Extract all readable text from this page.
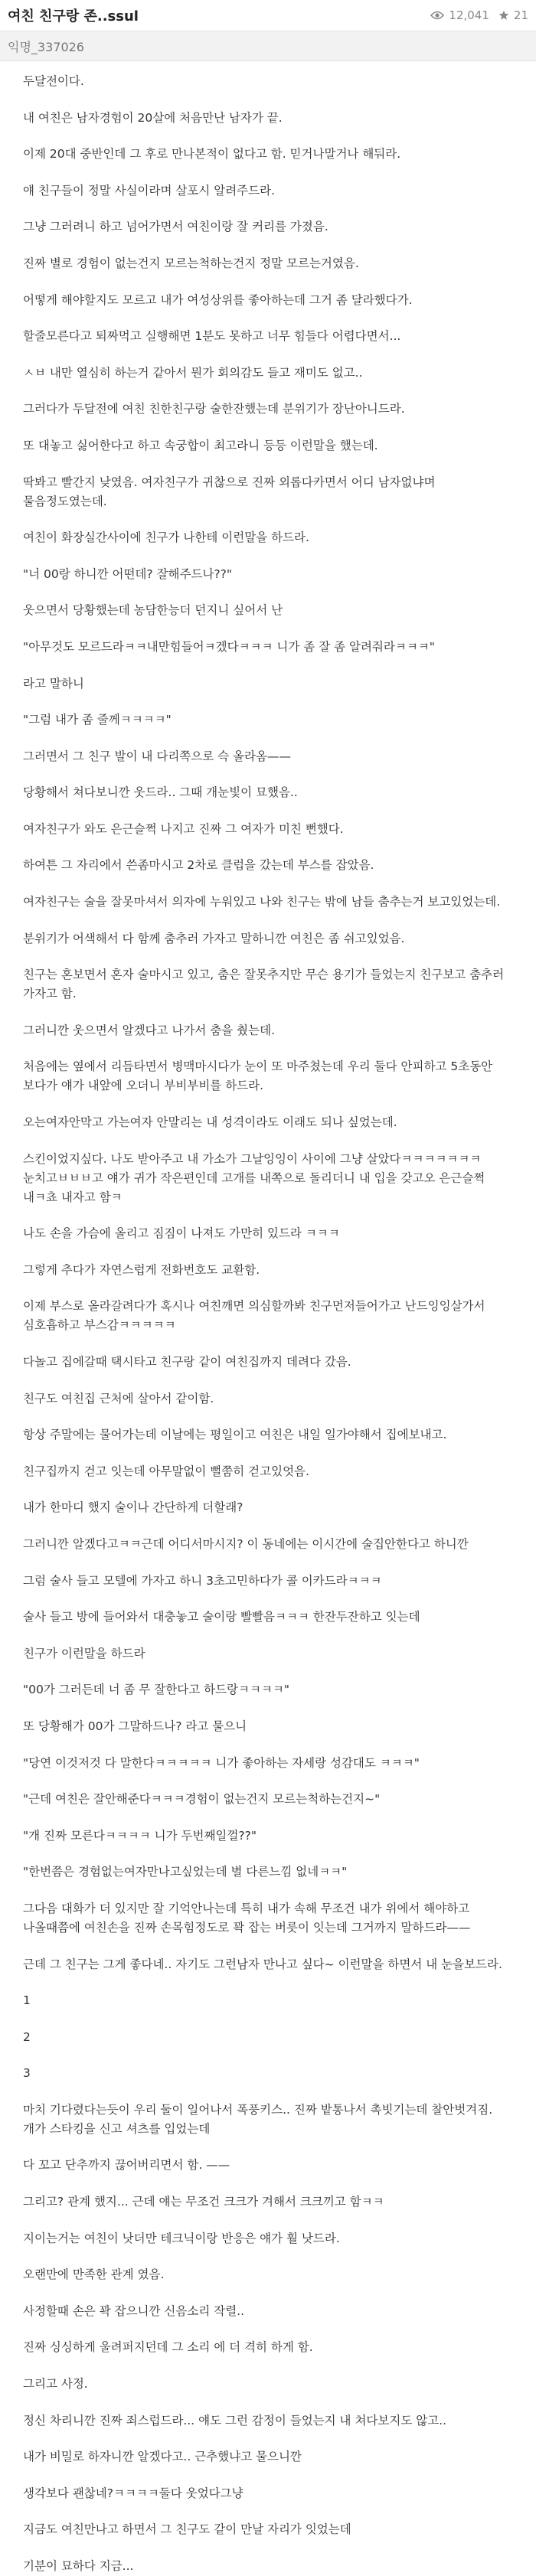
여친 친구랑 존..ssul	12,041 21
익명_337026

두달전이다.

내 여친은 남자경험이 20살에 처음만난 남자가 끝.

이제 20대 중반인데 그 후로 만나본적이 없다고 함. 믿거나말거나 해둬라.

얘 친구들이 정말 사실이라며 살포시 알려주드라.

그냥 그러려니 하고 넘어가면서 여친이랑 잘 커리를 가졌음.

진짜 별로 경험이 없는건지 모르는척하는건지 정말 모르는거였음.

어떻게 해야할지도 모르고 내가 여성상위를 좋아하는데 그거 좀 달라했다가.

할줄모른다고 퇴짜먹고 실행해면 1분도 못하고 너무 힘들다 어렵다면서...

ㅅㅂ 내만 열심히 하는거 같아서 뭔가 회의감도 들고 재미도 없고..

그러다가 두달전에 여친 친한친구랑 술한잔했는데 분위기가 장난아니드라.

또 대놓고 싫어한다고 하고 속궁합이 최고라니 등등 이런말을 했는데.

딱봐고 빨간지 낮였음. 여자친구가 귀찮으로 진짜 외롭다카면서 어디 남자없냐며 물음정도였는데.

여친이 화장실간사이에 친구가 나한테 이런말을 하드라.

"너 00랑 하니깐 어떤데? 잘해주드나??"

웃으면서 당황했는데 농담한능더 던지니 싶어서 난

"아무것도 모르드라ㅋㅋ내만힘들어ㅋ겠다ㅋㅋㅋ 니가 좀 잘 좀 알려줘라ㅋㅋㅋ"

라고 말하니

"그럼 내가 좀 줄께ㅋㅋㅋㅋ"

그러면서 그 친구 발이 내 다리쪽으로 슥 올라옴——

당황해서 쳐다보니깐 웃드라.. 그때 개눈빛이 묘했음..

여자친구가 와도 은근슬쩍 나지고 진짜 그 여자가 미친 뻔했다.

하여튼 그 자리에서 쓴좀마시고 2차로 클럽을 갔는데 부스를 잡았음.

여자친구는 술을 잘못마셔서 의자에 누워있고 나와 친구는 밖에 남들 춤추는거 보고있었는데.

분위기가 어색해서 다 함께 춤추러 가자고 말하니깐 여친은 좀 쉬고있었음.

친구는 혼보면서 혼자 술마시고 있고, 춤은 잘못추지만 무슨 용기가 들었는지 친구보고 춤추러 가자고 함.

그러니깐 웃으면서 알겠다고 나가서 춤을 췄는데.

처음에는 옆에서 리듬타면서 병맥마시다가 눈이 또 마주쳤는데 우리 둘다 안피하고 5초동안 보다가 얘가 내앞에 오더니 부비부비를 하드라.

오는여자안막고 가는여자 안말리는 내 성격이라도 이래도 되나 싶었는데.

스킨이었지싶다. 나도 받아주고 내 가소가 그날잉잉이 사이에 그냥 살았다ㅋㅋㅋㅋㅋㅋㅋ 눈치고ㅂㅂㅂ고 얘가 귀가 작은편인데 고개를 내쪽으로 돌리더니 내 입을 갖고오 은근슬쩍 내ㅋ쵸 내자고 함ㅋ

나도 손을 가슴에 올리고 짐짐이 나져도 가만히 있드라 ㅋㅋㅋ

그렇게 추다가 자연스럽게 전화번호도 교환함.

이제 부스로 올라갈려다가 혹시나 여친깨면 의심할까봐 친구먼저들어가고 난드잉잉살가서 심호흡하고 부스감ㅋㅋㅋㅋㅋ

다놀고 집에갈때 택시타고 친구랑 같이 여친집까지 데려다 갔음.

친구도 여친집 근처에 살아서 같이함.

항상 주말에는 물어가는데 이날에는 평일이고 여친은 내일 일가야해서 집에보내고.

친구집까지 걷고 잇는데 아무말없이 뻘쭘히 걷고있엇음.

내가 한마디 했지 술이나 간단하게 더할래?

그러니깐 알겠다고ㅋㅋ근데 어디서마시지? 이 동네에는 이시간에 술집안한다고 하니깐

그럼 술사 들고 모텔에 가자고 하니 3초고민하다가 콜 이카드라ㅋㅋㅋ

술사 들고 방에 들어와서 대충놓고 술이랑 빨빨음ㅋㅋㅋ 한잔두잔하고 잇는데

친구가 이런말을 하드라

"00가 그러든데 너 좀 무 잘한다고 하드랑ㅋㅋㅋㅋ"

또 당황해가 00가 그말하드나? 라고 물으니

"당연 이것저것 다 말한다ㅋㅋㅋㅋㅋ 니가 좋아하는 자세랑 성감대도 ㅋㅋㅋ"

"근데 여친은 잘안해준다ㅋㅋㅋ경험이 없는건지 모르는척하는건지~"

"개 진짜 모른다ㅋㅋㅋㅋ 니가 두번째일껄??"

"한번쯤은 경험없는여자만나고싶었는데 별 다른느낌 없네ㅋㅋ"

그다음 대화가 더 있지만 잘 기억안나는데 특히 내가 속해 무조건 내가 위에서 해야하고 나올때쯤에 여친손을 진짜 손목힘정도로 꽉 잡는 버릇이 잇는데 그거까지 말하드라——

근데 그 친구는 그게 좋다네.. 자기도 그런남자 만나고 싶다~ 이런말을 하면서 내 눈을보드라.

1

2

3

마치 기다렸다는듯이 우리 둘이 일어나서 폭풍키스.. 진짜 밭통나서 촉빗기는데 찰안벗겨짐. 개가 스타킹을 신고 셔츠를 입었는데

다 꼬고 단추까지 끊어버리면서 함. ——

그리고? 관계 했지... 근데 얘는 무조건 크크가 겨해서 크크끼고 함ㅋㅋ

지이는거는 여친이 낫더만 테크닉이랑 반응은 얘가 훨 낫드라.

오랜만에 만족한 관계 였음.

사정할때 손은 꽉 잡으니깐 신음소리 작렬..

진짜 싱싱하게 울려퍼지던데 그 소리 에 더 격히 하게 함.

그리고 사정.

정신 차리니깐 진짜 죄스럽드라... 얘도 그런 감정이 들었는지 내 쳐다보지도 않고..

내가 비밀로 하자니깐 알겠다고.. 근추했냐고 물으니깐

생각보다 괜찮네?ㅋㅋㅋㅋ둘다 웃었다그냥

지금도 여친만나고 하면서 그 친구도 같이 만날 자리가 잇었는데

기분이 묘하다 지금...
